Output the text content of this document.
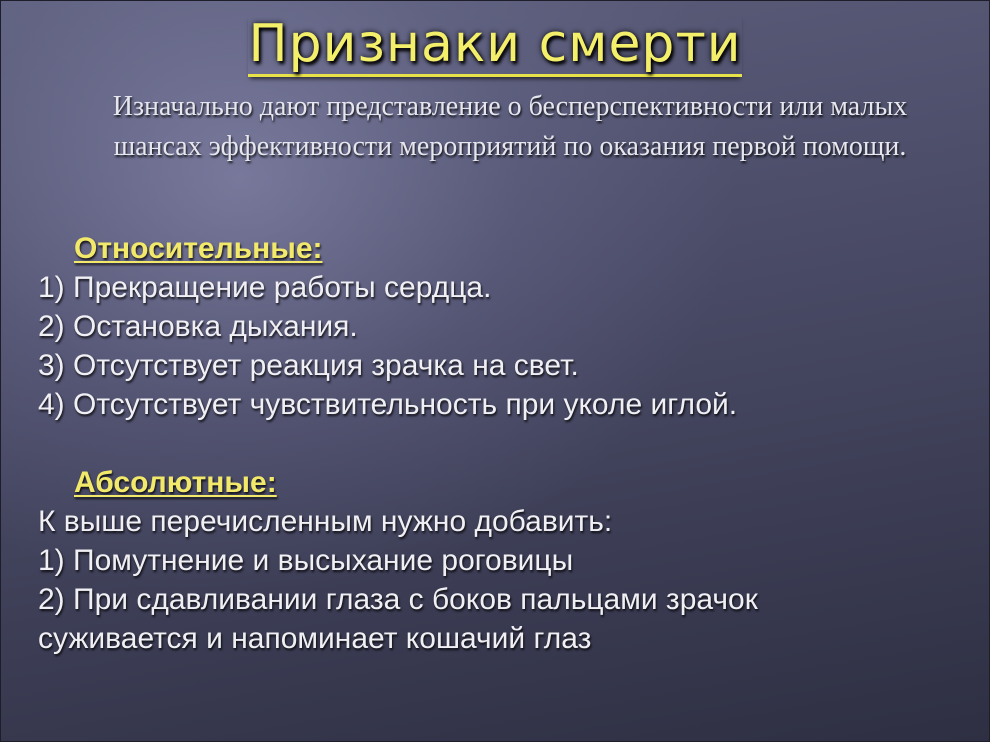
Признаки смерти
Изначально дают представление о бесперспективности или малых шансах эффективности мероприятий по оказания первой помощи.
Относительные:
1) Прекращение работы сердца.
2) Остановка дыхания.
3) Отсутствует реакция зрачка на свет.
4) Отсутствует чувствительность при уколе иглой.
Абсолютные:
К выше перечисленным нужно добавить:
1) Помутнение и высыхание роговицы
2) При сдавливании глаза с боков пальцами зрачок
суживается и напоминает кошачий глаз
